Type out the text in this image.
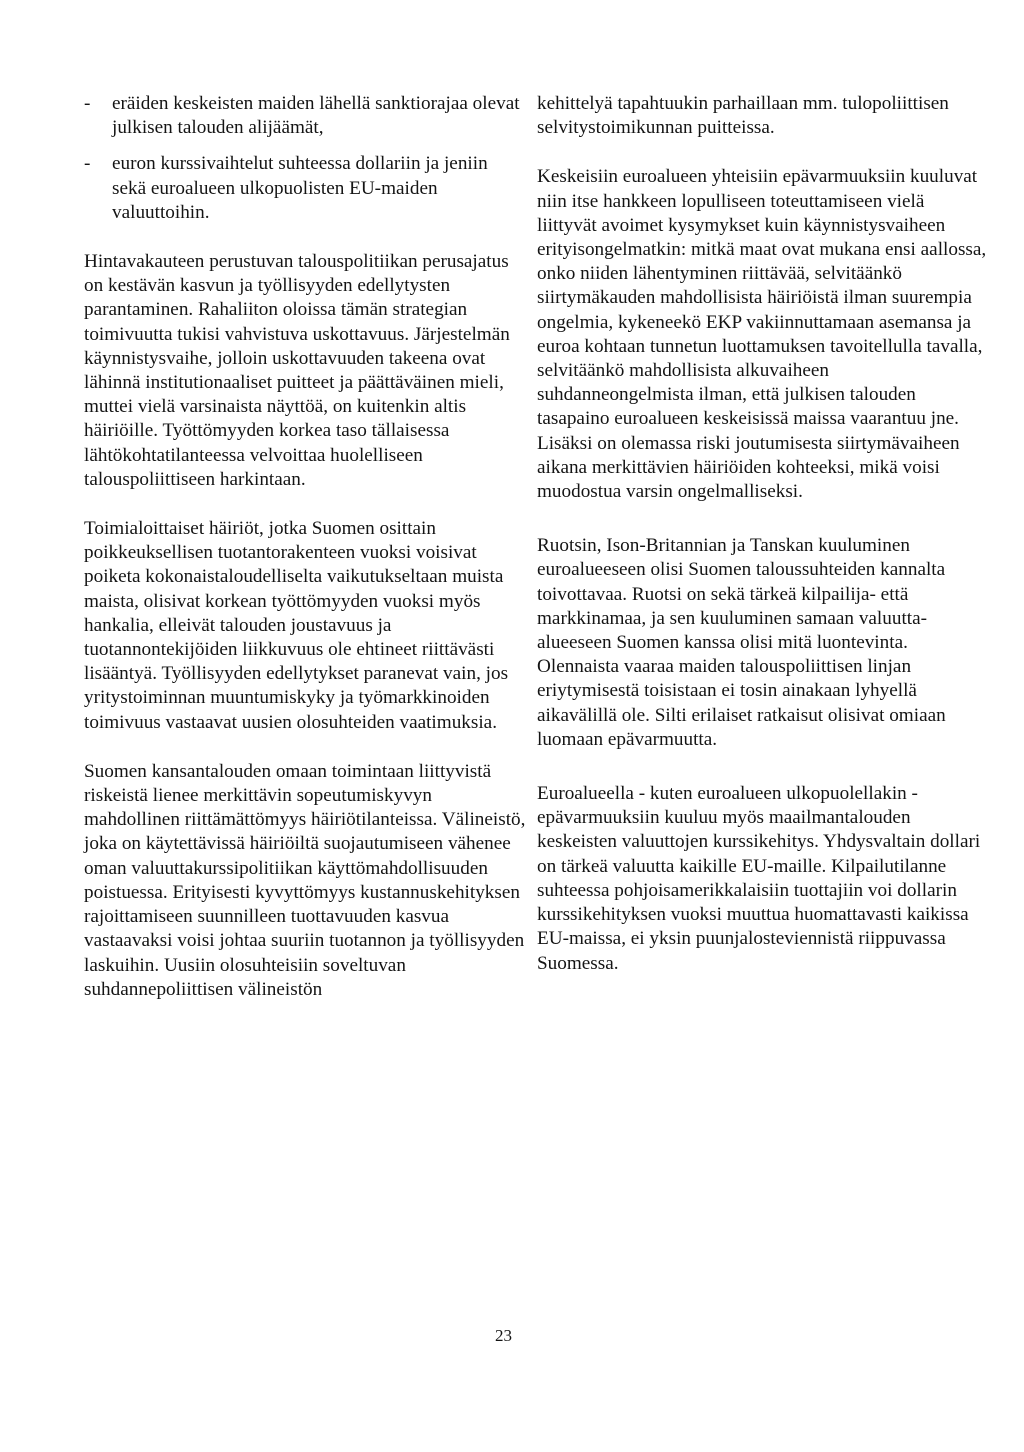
- eräiden keskeisten maiden lähellä sanktiorajaa olevat julkisen talouden alijäämät,
- euron kurssivaihtelut suhteessa dollariin ja jeniin sekä euroalueen ulkopuolisten EU-maiden valuuttoihin.

Hintavakauteen perustuvan talouspolitiikan perusajatus on kestävän kasvun ja työllisyyden edellytysten parantaminen. Rahaliiton oloissa tämän strategian toimivuutta tukisi vahvistuva uskottavuus. Järjestelmän käynnistysvaihe, jolloin uskottavuuden takeena ovat lähinnä institutionaaliset puitteet ja päättäväinen mieli, muttei vielä varsinaista näyttöä, on kuitenkin altis häiriöille. Työttömyyden korkea taso tällaisessa lähtökohtatilanteessa velvoittaa huolelliseen talouspoliittiseen harkintaan.

Toimialoittaiset häiriöt, jotka Suomen osittain poikkeuksellisen tuotantorakenteen vuoksi voisivat poiketa kokonaistaloudelliselta vaikutukseltaan muista maista, olisivat korkean työttömyyden vuoksi myös hankalia, elleivät talouden joustavuus ja tuotannontekijöiden liikkuvuus ole ehtineet riittävästi lisääntyä. Työllisyyden edellytykset paranevat vain, jos yritystoiminnan muuntumiskyky ja työmarkkinoiden toimivuus vastaavat uusien olosuhteiden vaatimuksia.

Suomen kansantalouden omaan toimintaan liittyvistä riskeistä lienee merkittävin sopeutumiskyvyn mahdollinen riittämättömyys häiriötilanteissa. Välineistö, joka on käytettävissä häiriöiltä suojautumiseen vähenee oman valuuttakurssipolitiikan käyttömahdollisuuden poistuessa. Erityisesti kyvyttömyys kustannuskehityksen rajoittamiseen suunnilleen tuottavuuden kasvua vastaavaksi voisi johtaa suuriin tuotannon ja työllisyyden laskuihin. Uusiin olosuhteisiin soveltuvan suhdannepoliittisen välineistön

kehittelyä tapahtuukin parhaillaan mm. tulopoliittisen selvitystoimikunnan puitteissa.

Keskeisiin euroalueen yhteisiin epävarmuuksiin kuuluvat niin itse hankkeen lopulliseen toteuttamiseen vielä liittyvät avoimet kysymykset kuin käynnistysvaiheen erityisongelmatkin: mitkä maat ovat mukana ensi aallossa, onko niiden lähentyminen riittävää, selvitäänkö siirtymäkauden mahdollisista häiriöistä ilman suurempia ongelmia, kykeneekö EKP vakiinnuttamaan asemansa ja euroa kohtaan tunnetun luottamuksen tavoitellulla tavalla, selvitäänkö mahdollisista alkuvaiheen suhdanneongelmista ilman, että julkisen talouden tasapaino euroalueen keskeisissä maissa vaarantuu jne. Lisäksi on olemassa riski joutumisesta siirtymävaiheen aikana merkittävien häiriöiden kohteeksi, mikä voisi muodostua varsin ongelmalliseksi.

Ruotsin, Ison-Britannian ja Tanskan kuuluminen euroalueeseen olisi Suomen taloussuhteiden kannalta toivottavaa. Ruotsi on sekä tärkeä kilpailija- että markkinamaa, ja sen kuuluminen samaan valuutta-alueeseen Suomen kanssa olisi mitä luontevinta. Olennaista vaaraa maiden talouspoliittisen linjan eriytymisestä toisistaan ei tosin ainakaan lyhyellä aikavälillä ole. Silti erilaiset ratkaisut olisivat omiaan luomaan epävarmuutta.

Euroalueella - kuten euroalueen ulkopuolellakin - epävarmuuksiin kuuluu myös maailmantalouden keskeisten valuuttojen kurssikehitys. Yhdysvaltain dollari on tärkeä valuutta kaikille EU-maille. Kilpailutilanne suhteessa pohjoisamerikkalaisiin tuottajiin voi dollarin kurssikehityksen vuoksi muuttua huomattavasti kaikissa EU-maissa, ei yksin puunjalosteviennistä riippuvassa Suomessa.

23
